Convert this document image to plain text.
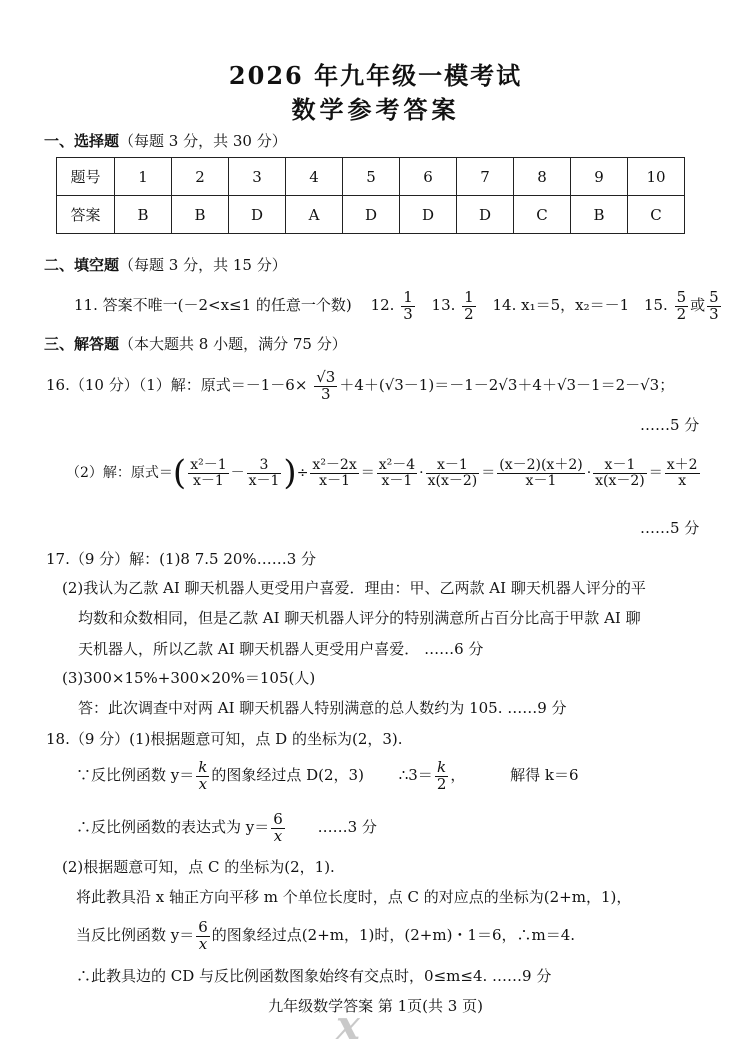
2026 年九年级一模考试
数学参考答案
一、选择题（每题 3 分，共 30 分）
题号	1	2	3	4	5	6	7	8	9	10
答案	B	B	D	A	D	D	D	C	B	C
二、填空题（每题 3 分，共 15 分）
11. 答案不唯一(－2<x≤1 的任意一个数) 12. $\frac{1}{3} 13$. $\frac{1}{2} 14$. x₁＝5，x₂＝－1 15. $\frac{5}{2}$ 或 $\frac{5}{3}$
三、解答题（本大题共 8 小题，满分 75 分）
16.（10 分）（1）解：原式$=-1-6\times \frac{√3}{3} +4+(√3-1)=-1-2√3+4+√3-1=2-√3$；
……5 分
（2）解：原式＝( $\frac{\text{x²－1}}{x-1} - \frac{3}{x-1}$ )÷ $\frac{\text{x²－2x}}{x-1} = \frac{\text{x²－4}}{x-1} \cdot \frac{x-1}{x(x-2)} = \frac{(x-2)(x+2)}{x-1} \cdot \frac{x-1}{x(x-2)} = \frac{x+2}{x}$
……5 分
17.（9 分）解：(1)8 7.5 20%……3 分
(2)我认为乙款 AI 聊天机器人更受用户喜爱．理由：甲、乙两款 AI 聊天机器人评分的平
均数和众数相同，但是乙款 AI 聊天机器人评分的特别满意所占百分比高于甲款 AI 聊
天机器人，所以乙款 AI 聊天机器人更受用户喜爱． ……6 分
(3)300×15%+300×20%＝105(人)
答：此次调查中对两 AI 聊天机器人特别满意的总人数约为 105. ……9 分
18.（9 分）(1)根据题意可知，点 D 的坐标为(2，3).
∵反比例函数 $y= \frac{k}{x}$ 的图象经过点 D(2，3) ∴3＝ $\frac{k}{2}$ ，	解得 k＝6
∴反比例函数的表达式为 $y= \frac{6}{x}$ ……3 分
(2)根据题意可知，点 C 的坐标为(2，1).
将此教具沿 x 轴正方向平移 m 个单位长度时，点 C 的对应点的坐标为(2+m，1)，
当反比例函数 $y= \frac{6}{x}$ 的图象经过点(2+m，1)时，(2+m)・1＝6，∴m＝4.
∴此教具边的 CD 与反比例函数图象始终有交点时，0≤m≤4. ……9 分
九年级数学答案 第 1页(共 3 页)
x
